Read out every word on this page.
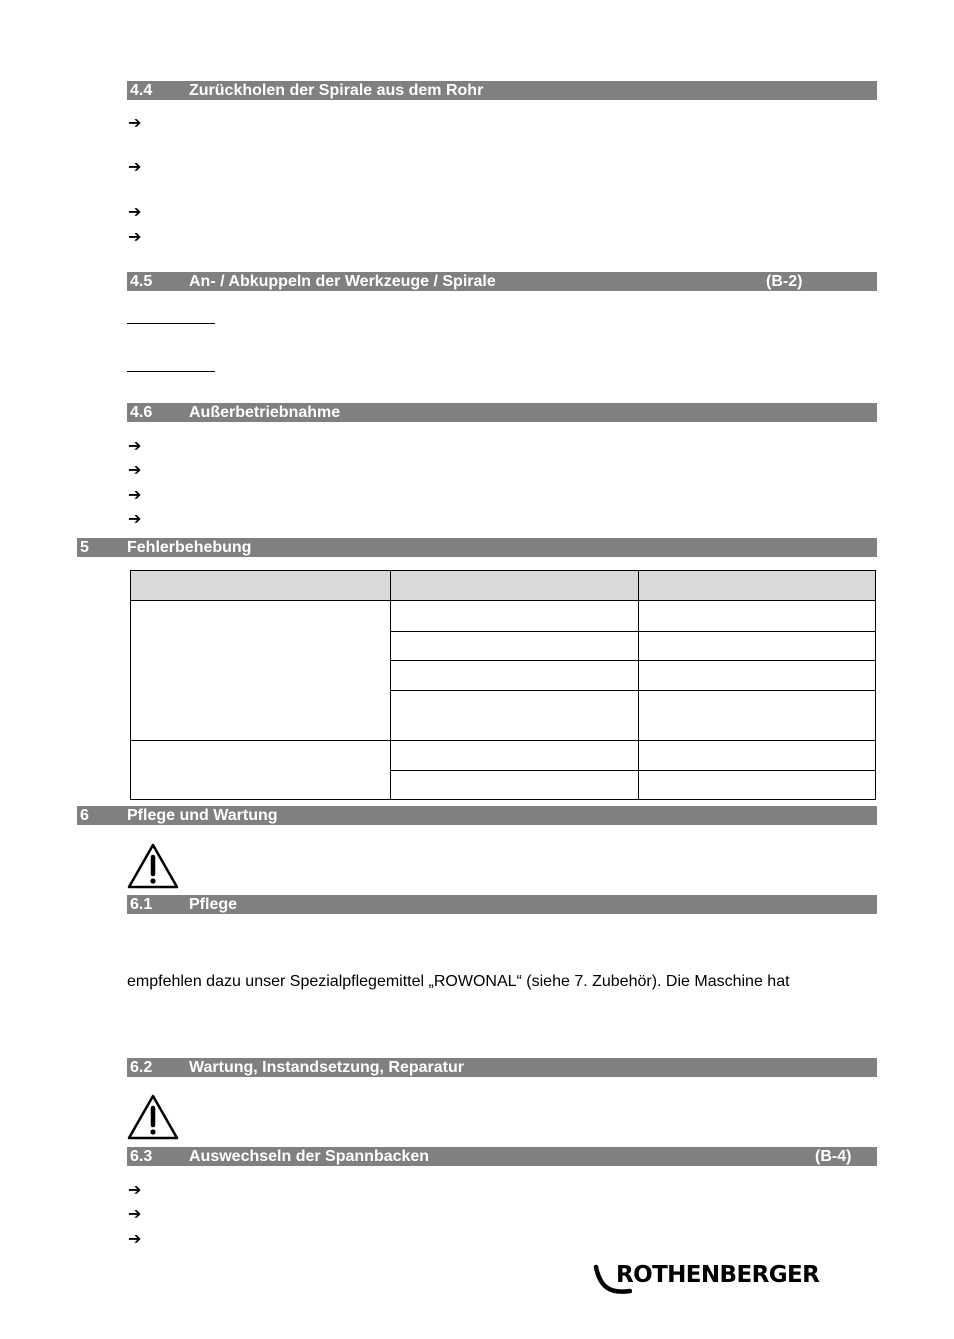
4.4 Zurückholen der Spirale aus dem Rohr
➔
➔
➔
➔
4.5 An- / Abkuppeln der Werkzeuge / Spirale	(B-2)
4.6 Außerbetriebnahme
➔
➔
➔
➔
5 Fehlerbehebung

6 Pflege und Wartung
6.1 Pflege
empfehlen dazu unser Spezialpflegemittel „ROWONAL“ (siehe 7. Zubehör). Die Maschine hat
6.2 Wartung, Instandsetzung, Reparatur
6.3 Auswechseln der Spannbacken	(B-4)
➔
➔
➔
ROTHENBERGER
